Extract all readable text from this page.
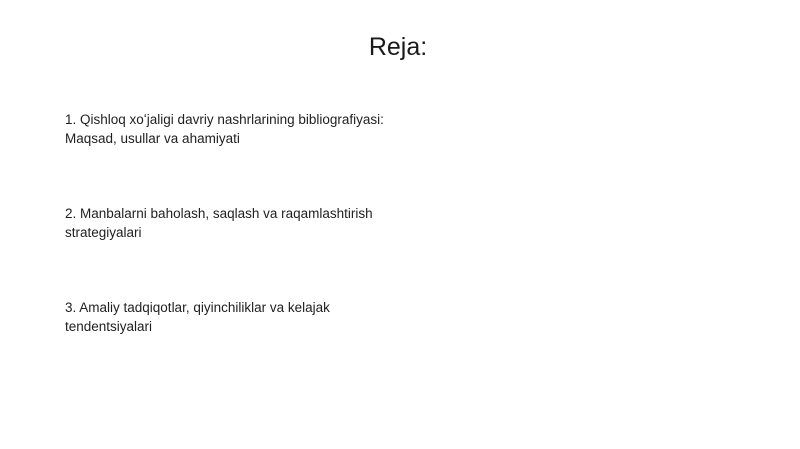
Reja:
1. Qishloq xoʻjaligi davriy nashrlarining bibliografiyasi:
Maqsad, usullar va ahamiyati
2. Manbalarni baholash, saqlash va raqamlashtirish
strategiyalari
3. Amaliy tadqiqotlar, qiyinchiliklar va kelajak
tendentsiyalari
